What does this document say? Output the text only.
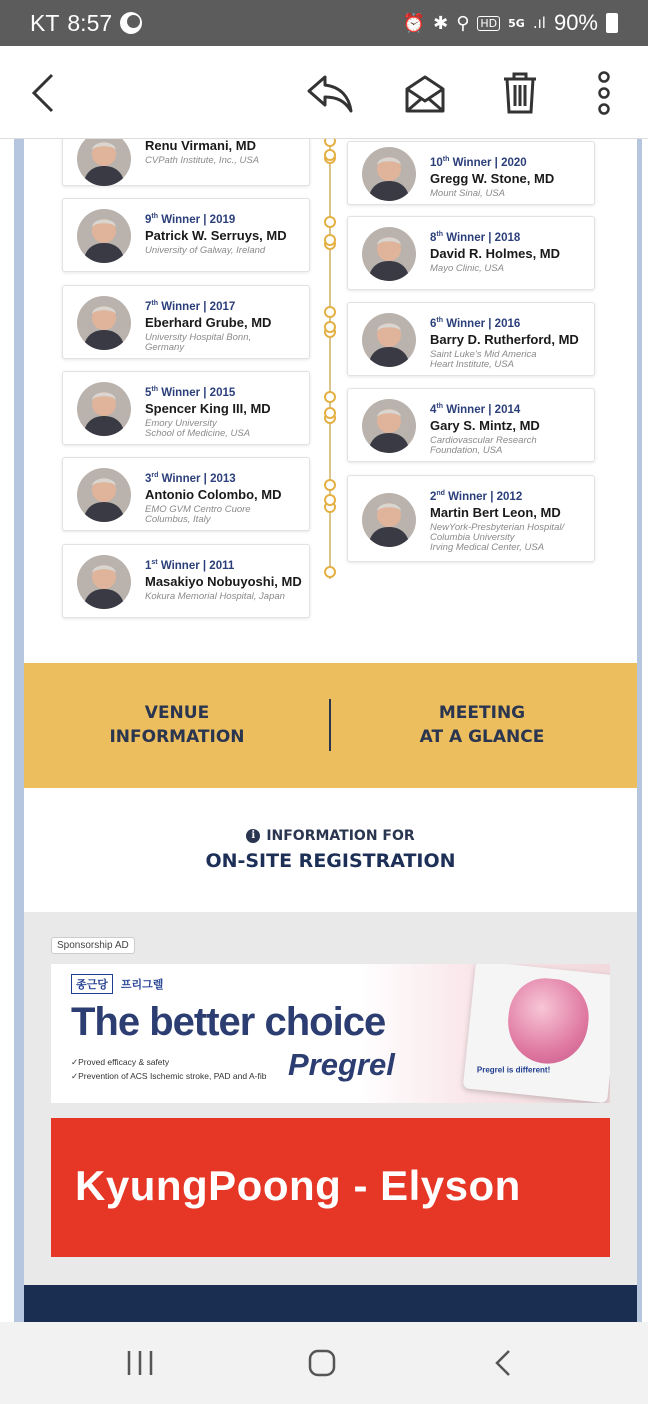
KT 8:57	⏰ ✱ ⚲ HD 5G .ıl 90%
Renu Virmani, MD
CVPath Institute, Inc., USA	10th Winner | 2020
Gregg W. Stone, MD
Mount Sinai, USA
9th Winner | 2019
Patrick W. Serruys, MD
University of Galway, Ireland
8th Winner | 2018
David R. Holmes, MD
Mayo Clinic, USA
7th Winner | 2017
Eberhard Grube, MD
University Hospital Bonn,
Germany
6th Winner | 2016
Barry D. Rutherford, MD
Saint Luke's Mid America
Heart Institute, USA
5th Winner | 2015
Spencer King III, MD
Emory University
School of Medicine, USA
4th Winner | 2014
Gary S. Mintz, MD
Cardiovascular Research
Foundation, USA
3rd Winner | 2013
Antonio Colombo, MD
EMO GVM Centro Cuore
Columbus, Italy
2nd Winner | 2012
Martin Bert Leon, MD
NewYork-Presbyterian Hospital/
Columbia University
Irving Medical Center, USA
1st Winner | 2011
Masakiyo Nobuyoshi, MD
Kokura Memorial Hospital, Japan
VENUE
INFORMATION
MEETING
AT A GLANCE
i INFORMATION FOR
ON-SITE REGISTRATION
Sponsorship AD
종근당	프리그렐
The better choice
✓Proved efficacy & safety
✓Prevention of ACS Ischemic stroke, PAD and A-fib Pregrel	Pregrel is different!
KyungPoong - Elyson
